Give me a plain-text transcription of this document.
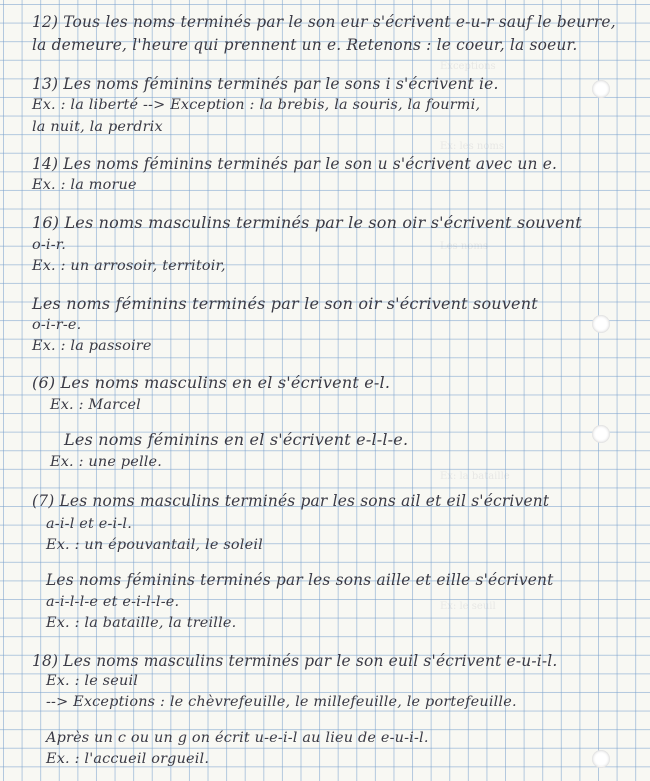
Exceptions
Ex: les noms
Les noms
Ex: la bataille
Ex: le seuil
12) Tous les noms terminés par le son eur s'écrivent e-u-r sauf le beurre,
la demeure, l'heure qui prennent un e. Retenons : le coeur, la soeur.
13) Les noms féminins terminés par le sons i s'écrivent ie.
Ex. : la liberté --> Exception : la brebis, la souris, la fourmi,
la nuit, la perdrix
14) Les noms féminins terminés par le son u s'écrivent avec un e.
Ex. : la morue
16) Les noms masculins terminés par le son oir s'écrivent souvent
o-i-r.
Ex. : un arrosoir, territoir,
Les noms féminins terminés par le son oir s'écrivent souvent
o-i-r-e.
Ex. : la passoire
(6) Les noms masculins en el s'écrivent e-l.
Ex. : Marcel
Les noms féminins en el s'écrivent e-l-l-e.
Ex. : une pelle.
(7) Les noms masculins terminés par les sons ail et eil s'écrivent
a-i-l et e-i-l.
Ex. : un épouvantail, le soleil
Les noms féminins terminés par les sons aille et eille s'écrivent
a-i-l-l-e et e-i-l-l-e.
Ex. : la bataille, la treille.
18) Les noms masculins terminés par le son euil s'écrivent e-u-i-l.
Ex. : le seuil
--> Exceptions : le chèvrefeuille, le millefeuille, le portefeuille.
Après un c ou un g on écrit u-e-i-l au lieu de e-u-i-l.
Ex. : l'accueil orgueil.
